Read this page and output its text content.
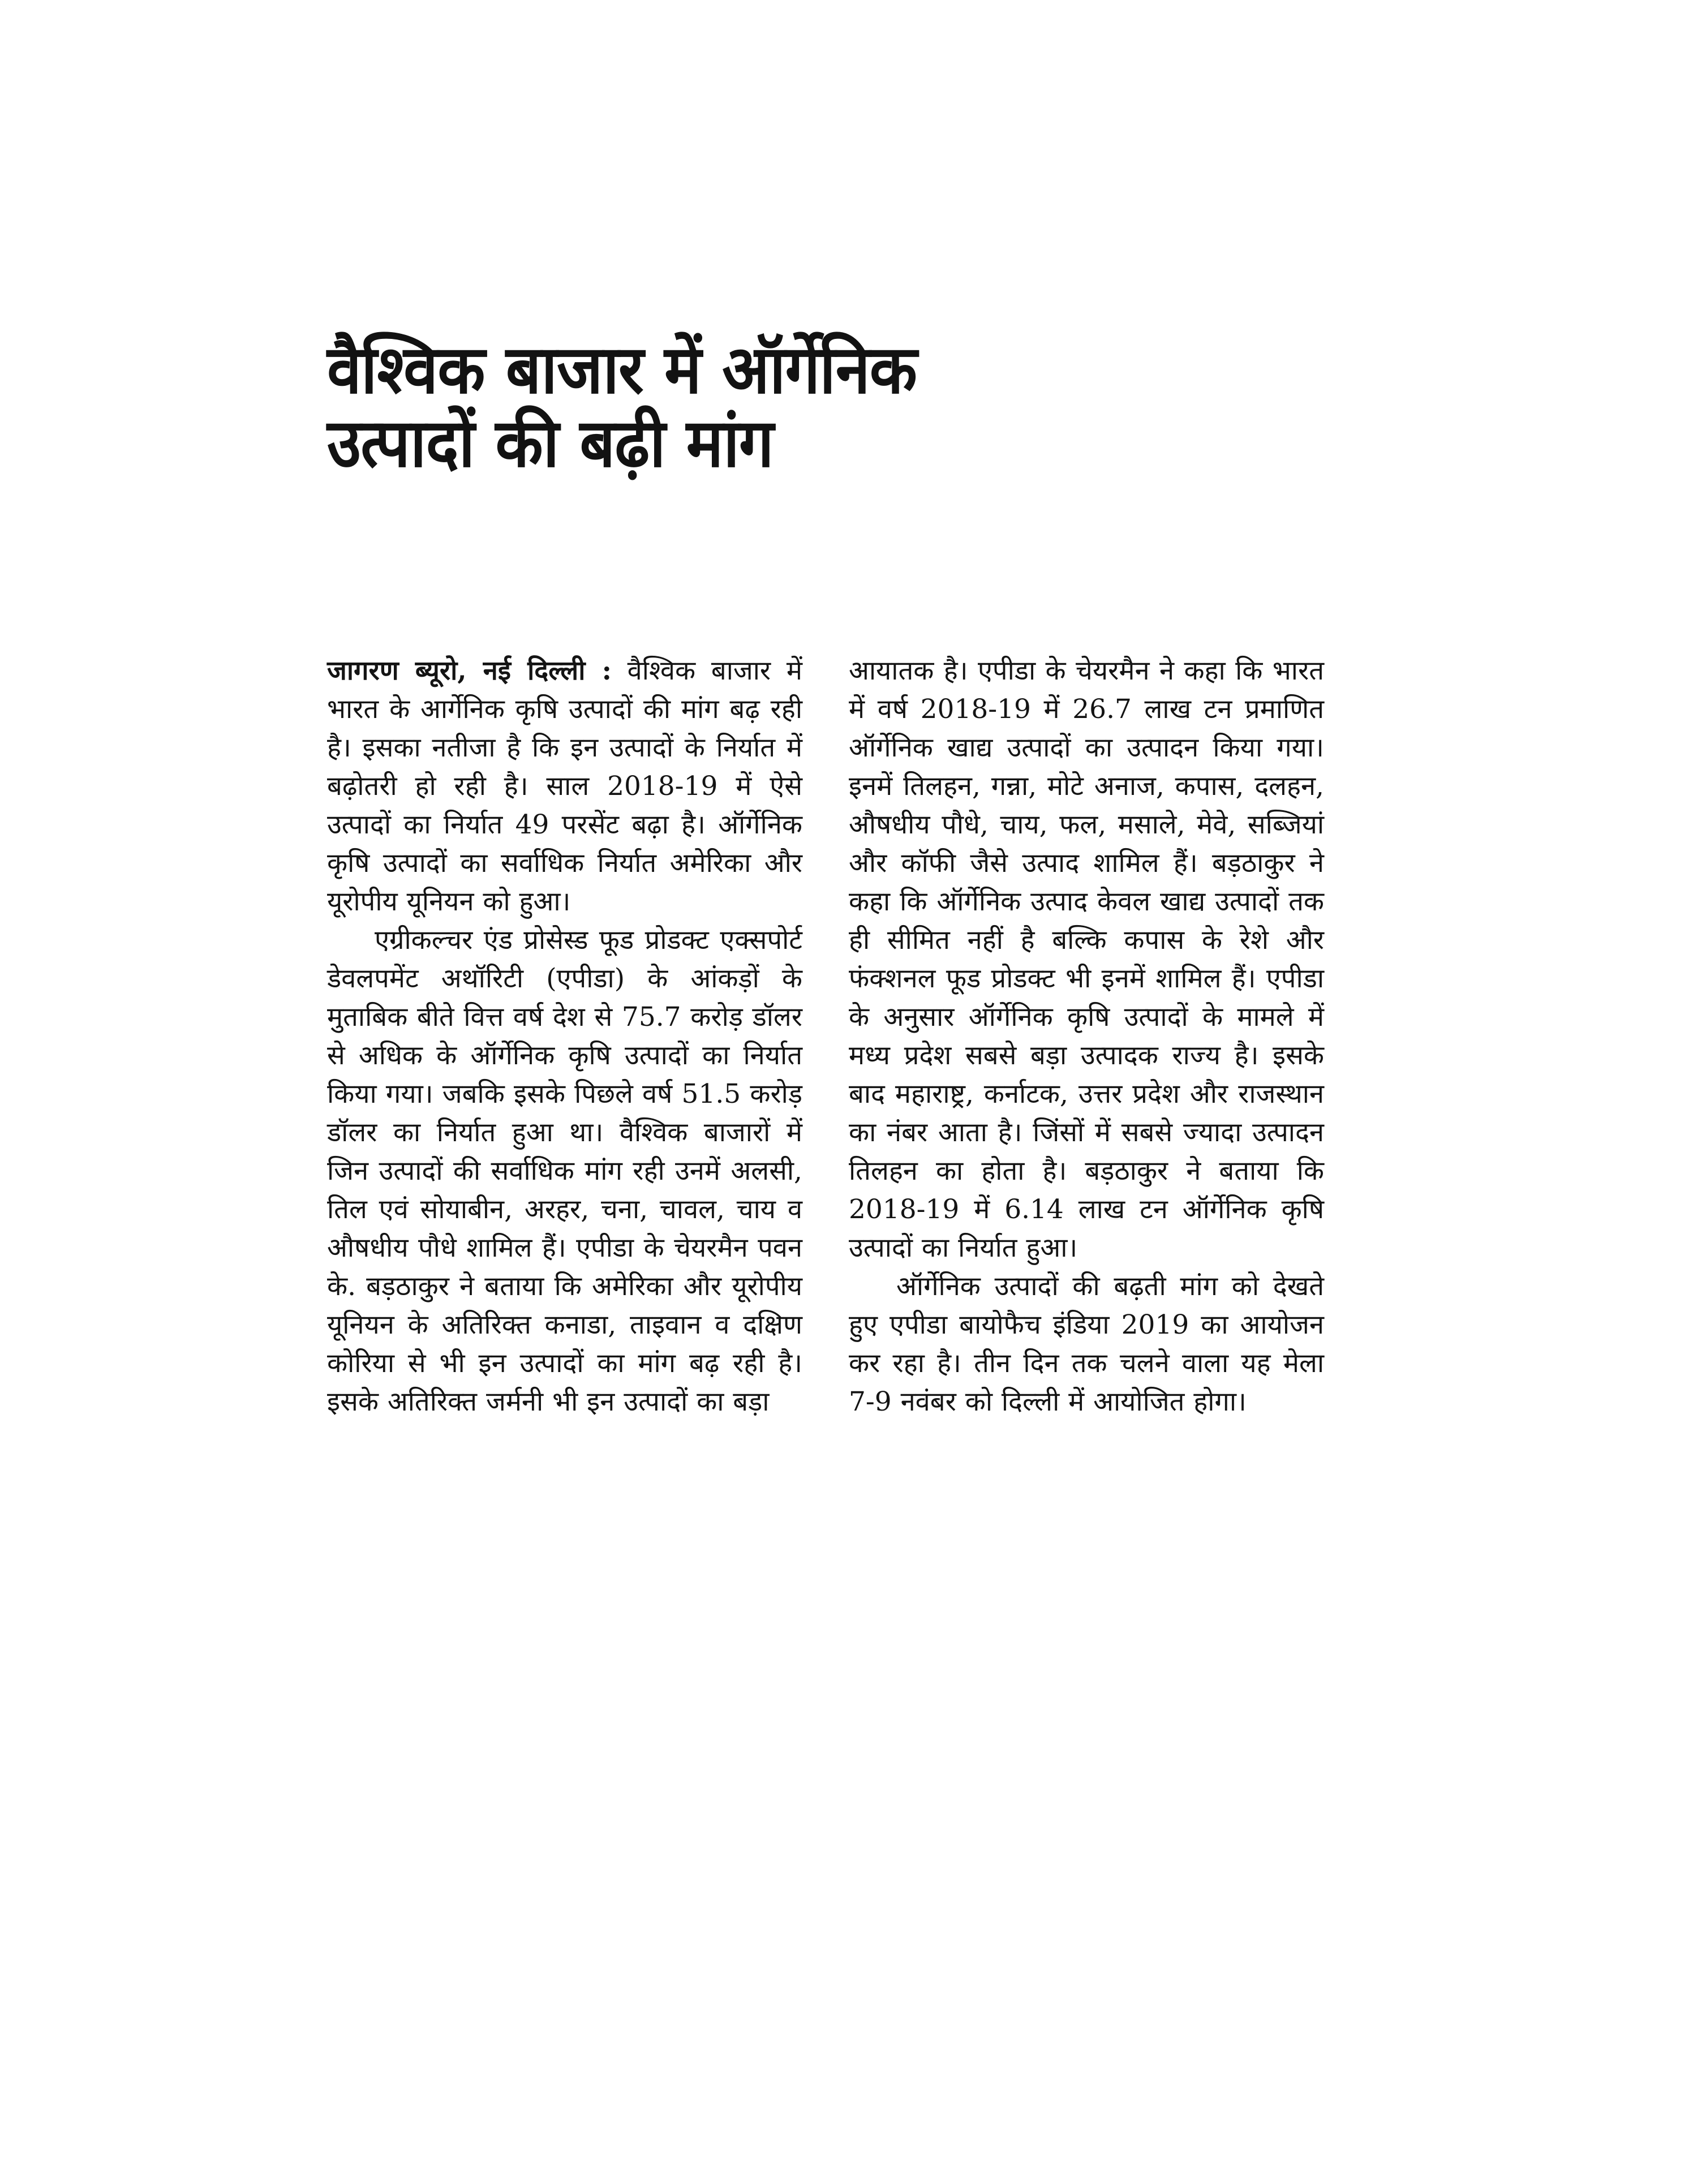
वैश्विक बाजार में ऑर्गेनिक
उत्पादों की बढ़ी मांग

जागरण ब्यूरो, नई दिल्ली : वैश्विक बाजार में भारत के आर्गेनिक कृषि उत्पादों की मांग बढ़ रही है। इसका नतीजा है कि इन उत्पादों के निर्यात में बढ़ोतरी हो रही है। साल 2018-19 में ऐसे उत्पादों का निर्यात 49 परसेंट बढ़ा है। ऑर्गेनिक कृषि उत्पादों का सर्वाधिक निर्यात अमेरिका और यूरोपीय यूनियन को हुआ।

एग्रीकल्चर एंड प्रोसेस्ड फूड प्रोडक्ट एक्सपोर्ट डेवलपमेंट अथॉरिटी (एपीडा) के आंकड़ों के मुताबिक बीते वित्त वर्ष देश से 75.7 करोड़ डॉलर से अधिक के ऑर्गेनिक कृषि उत्पादों का निर्यात किया गया। जबकि इसके पिछले वर्ष 51.5 करोड़ डॉलर का निर्यात हुआ था। वैश्विक बाजारों में जिन उत्पादों की सर्वाधिक मांग रही उनमें अलसी, तिल एवं सोयाबीन, अरहर, चना, चावल, चाय व औषधीय पौधे शामिल हैं। एपीडा के चेयरमैन पवन के. बड़ठाकुर ने बताया कि अमेरिका और यूरोपीय यूनियन के अतिरिक्त कनाडा, ताइवान व दक्षिण कोरिया से भी इन उत्पादों का मांग बढ़ रही है। इसके अतिरिक्त जर्मनी भी इन उत्पादों का बड़ा

आयातक है। एपीडा के चेयरमैन ने कहा कि भारत में वर्ष 2018-19 में 26.7 लाख टन प्रमाणित ऑर्गेनिक खाद्य उत्पादों का उत्पादन किया गया। इनमें तिलहन, गन्ना, मोटे अनाज, कपास, दलहन, औषधीय पौधे, चाय, फल, मसाले, मेवे, सब्जियां और कॉफी जैसे उत्पाद शामिल हैं। बड़ठाकुर ने कहा कि ऑर्गेनिक उत्पाद केवल खाद्य उत्पादों तक ही सीमित नहीं है बल्कि कपास के रेशे और फंक्शनल फूड प्रोडक्ट भी इनमें शामिल हैं। एपीडा के अनुसार ऑर्गेनिक कृषि उत्पादों के मामले में मध्य प्रदेश सबसे बड़ा उत्पादक राज्य है। इसके बाद महाराष्ट्र, कर्नाटक, उत्तर प्रदेश और राजस्थान का नंबर आता है। जिंसों में सबसे ज्यादा उत्पादन तिलहन का होता है। बड़ठाकुर ने बताया कि 2018-19 में 6.14 लाख टन ऑर्गेनिक कृषि उत्पादों का निर्यात हुआ।

ऑर्गेनिक उत्पादों की बढ़ती मांग को देखते हुए एपीडा बायोफैच इंडिया 2019 का आयोजन कर रहा है। तीन दिन तक चलने वाला यह मेला 7-9 नवंबर को दिल्ली में आयोजित होगा।
